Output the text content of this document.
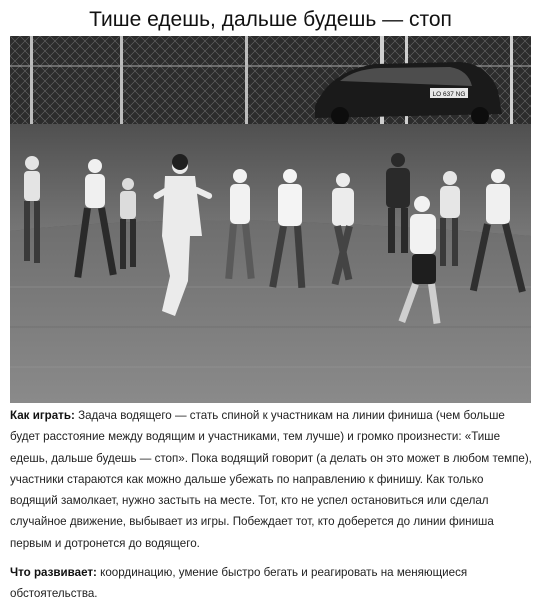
Тише едешь, дальше будешь — стоп
LO 637 NG

Как играть: Задача водящего — стать спиной к участникам на линии финиша (чем больше будет расстояние между водящим и участниками, тем лучше) и громко произнести: «Тише едешь, дальше будешь — стоп». Пока водящий говорит (а делать он это может в любом темпе), участники стараются как можно дальше убежать по направлению к финишу. Как только водящий замолкает, нужно застыть на месте. Тот, кто не успел остановиться или сделал случайное движение, выбывает из игры. Побеждает тот, кто доберется до линии финиша первым и дотронется до водящего.

Что развивает: координацию, умение быстро бегать и реагировать на меняющиеся обстоятельства.
